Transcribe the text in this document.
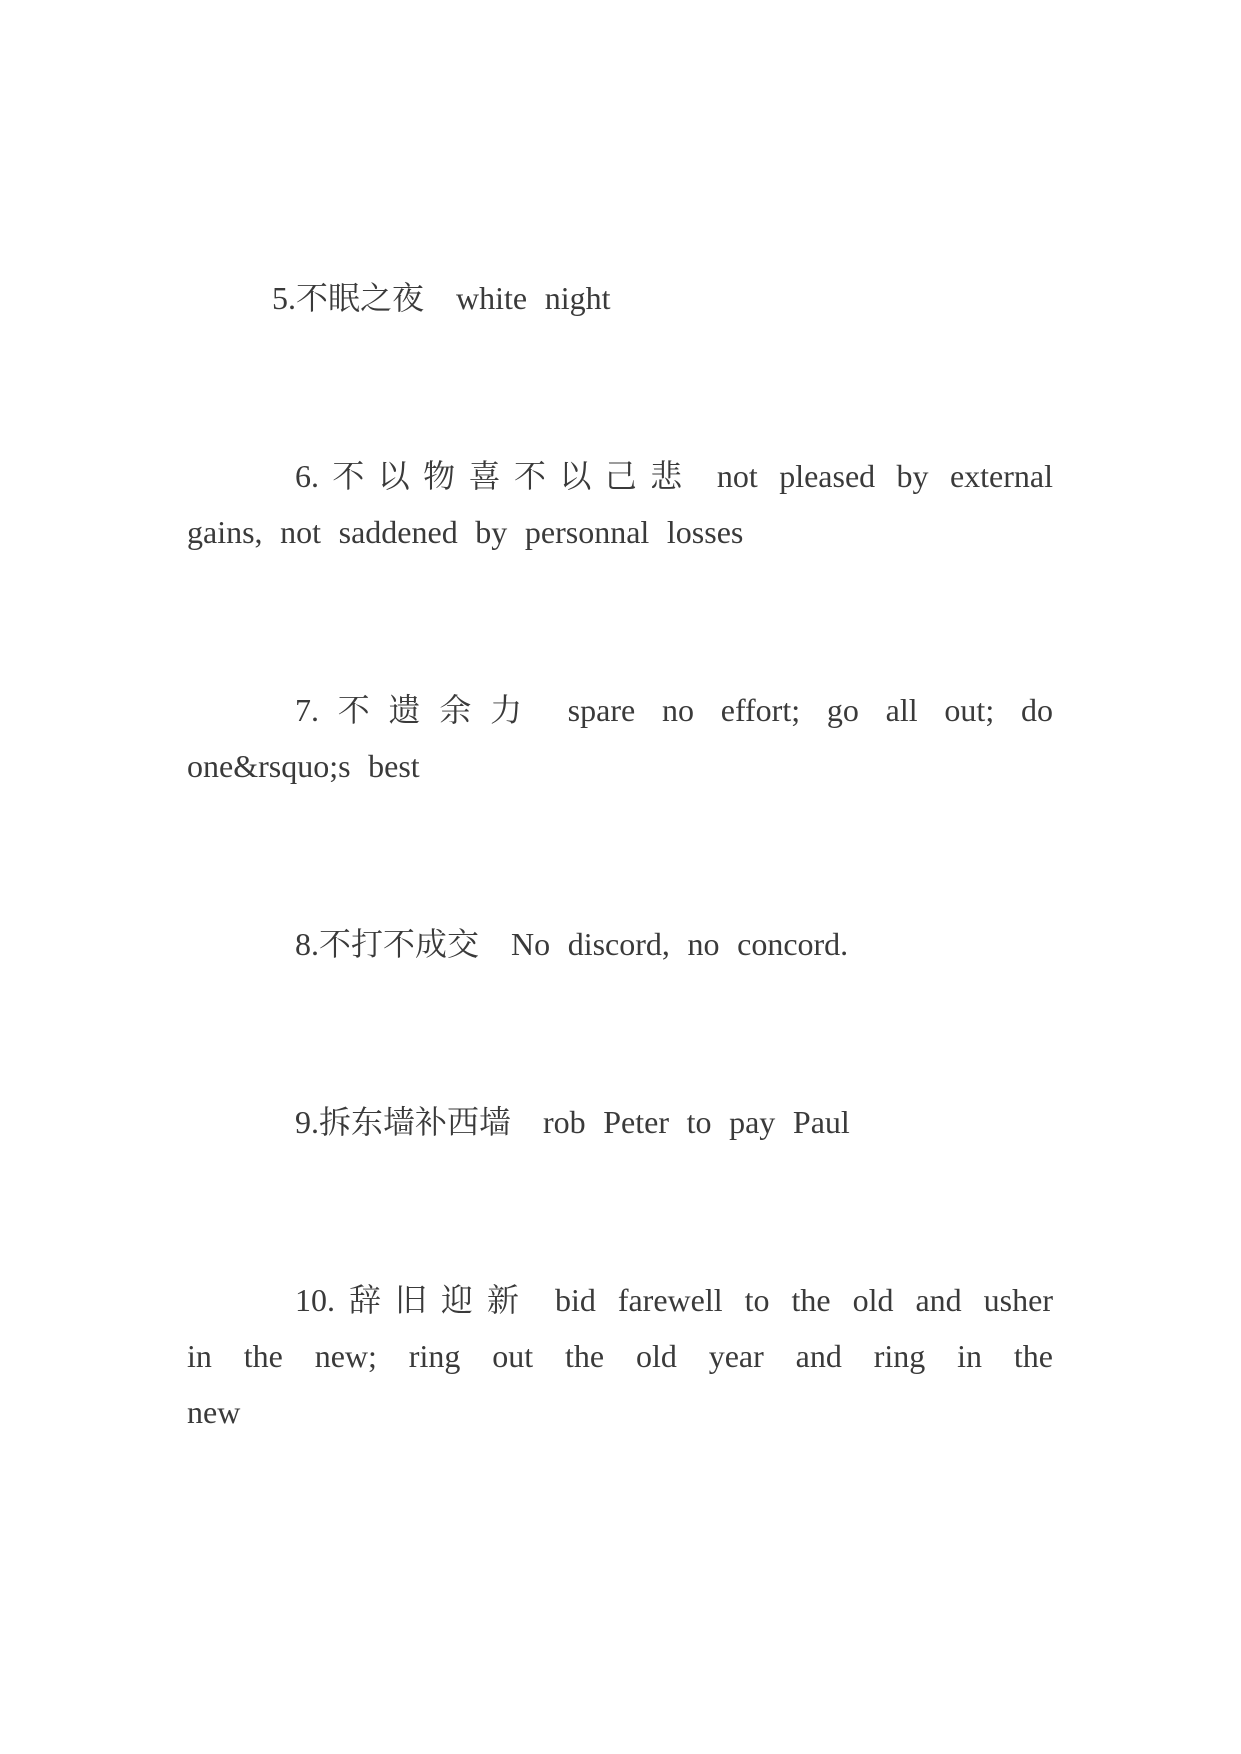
5.不眠之夜　white night
6.不以物喜不以己悲 not pleased by external
gains, not saddened by personnal losses
7.不遗余力 spare no effort; go all out; do
one&rsquo;s best
8.不打不成交　No discord, no concord.
9.拆东墙补西墙　rob Peter to pay Paul
10.辞旧迎新 bid farewell to the old and usher
in the new; ring out the old year and ring in the
new
